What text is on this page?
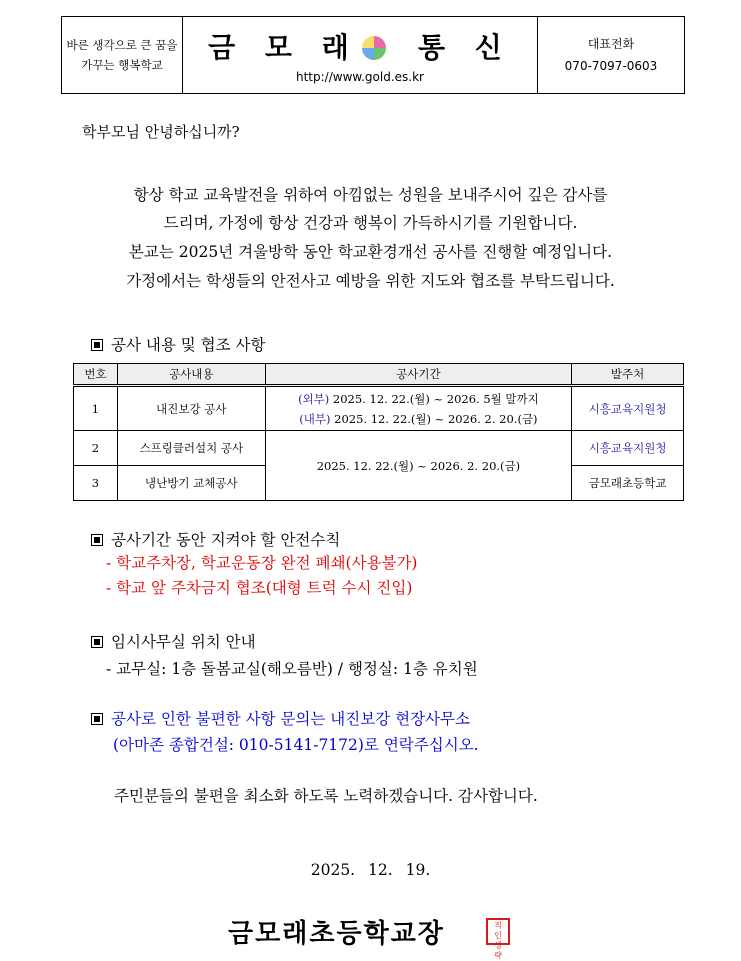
바른 생각으로 큰 꿈을
가꾸는 행복학교
금 모 래   통 신
http://www.gold.es.kr
대표전화
070-7097-0603
학부모님 안녕하십니까?
항상 학교 교육발전을 위하여 아낌없는 성원을 보내주시어 깊은 감사를
드리며, 가정에 항상 건강과 행복이 가득하시기를 기원합니다.
본교는 2025년 겨울방학 동안 학교환경개선 공사를 진행할 예정입니다.
가정에서는 학생들의 안전사고 예방을 위한 지도와 협조를 부탁드립니다.
공사 내용 및 협조 사항
번호	공사내용	공사기간	발주처
1	내진보강 공사	(외부) 2025. 12. 22.(월) ~ 2026. 5월 말까지
(내부) 2025. 12. 22.(월) ~ 2026. 2. 20.(금)	시흥교육지원청
2	스프링클러설치 공사	2025. 12. 22.(월) ~ 2026. 2. 20.(금)	시흥교육지원청
3	냉난방기 교체공사		금모래초등학교
공사기간 동안 지켜야 할 안전수칙
- 학교주차장, 학교운동장 완전 폐쇄(사용불가)
- 학교 앞 주차금지 협조(대형 트럭 수시 진입)
임시사무실 위치 안내
- 교무실: 1층 돌봄교실(해오름반) / 행정실: 1층 유치원
공사로 인한 불편한 사항 문의는 내진보강 현장사무소
(아마존 종합건설: 010-5141-7172)로 연락주십시오.
주민분들의 불편을 최소화 하도록 노력하겠습니다. 감사합니다.
2025. 12. 19.
금모래초등학교장	직
인
생
략
